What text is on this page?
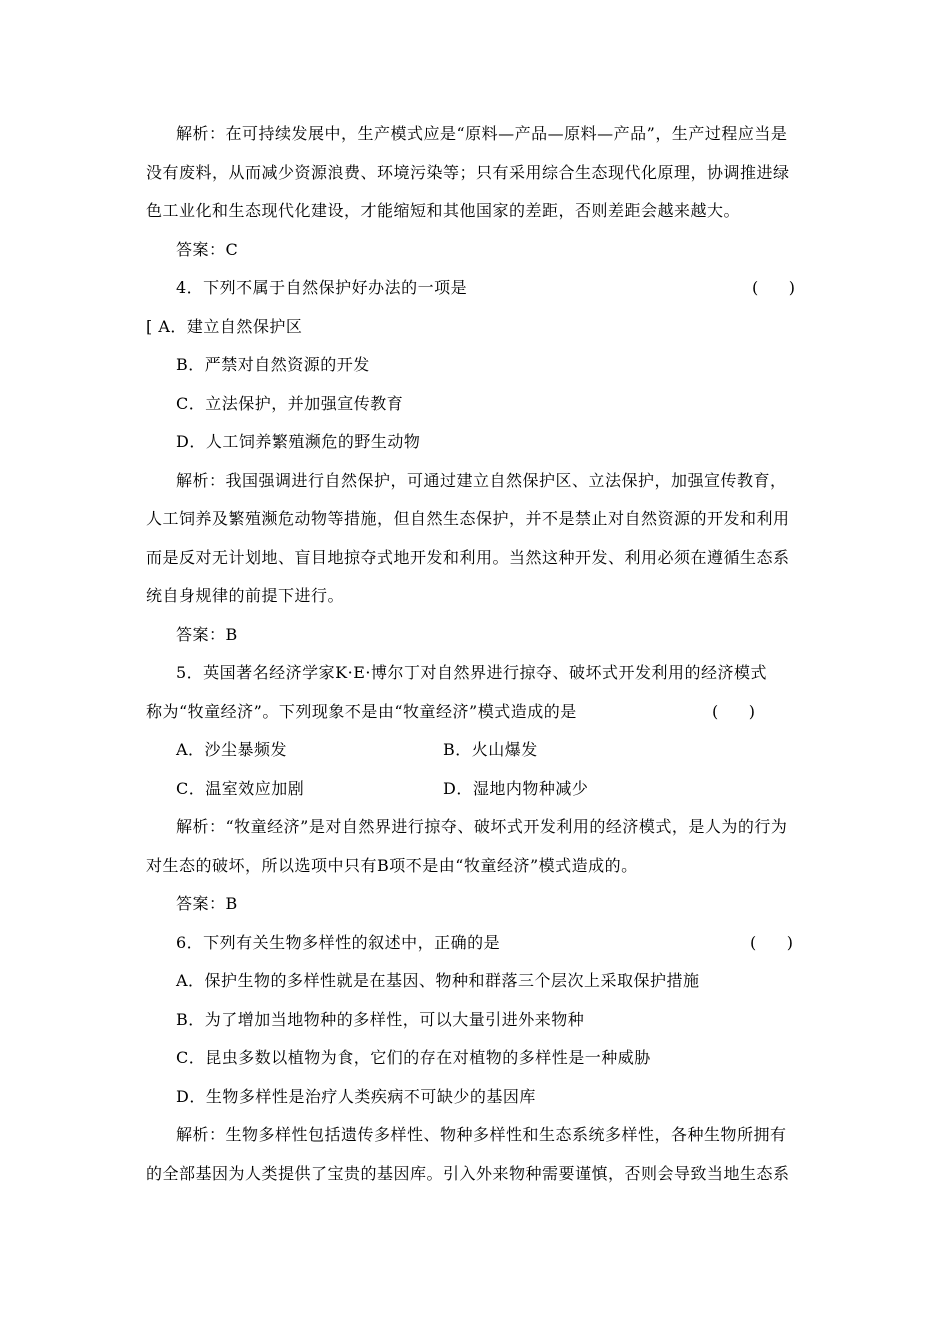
解析：在可持续发展中，生产模式应是“原料—产品—原料—产品”，生产过程应当是
没有废料，从而减少资源浪费、环境污染等；只有采用综合生态现代化原理，协调推进绿
色工业化和生态现代化建设，才能缩短和其他国家的差距，否则差距会越来越大。
答案：C
4．下列不属于自然保护好办法的一项是	(      )
[ A．建立自然保护区
B．严禁对自然资源的开发
C．立法保护，并加强宣传教育
D．人工饲养繁殖濒危的野生动物
解析：我国强调进行自然保护，可通过建立自然保护区、立法保护，加强宣传教育，
人工饲养及繁殖濒危动物等措施，但自然生态保护，并不是禁止对自然资源的开发和利用
而是反对无计划地、盲目地掠夺式地开发和利用。当然这种开发、利用必须在遵循生态系
统自身规律的前提下进行。
答案：B
5．英国著名经济学家K·E·博尔丁对自然界进行掠夺、破坏式开发利用的经济模式
称为“牧童经济”。下列现象不是由“牧童经济”模式造成的是	(      )
A．沙尘暴频发	B．火山爆发
C．温室效应加剧	D．湿地内物种减少
解析：“牧童经济”是对自然界进行掠夺、破坏式开发利用的经济模式，是人为的行为
对生态的破坏，所以选项中只有B项不是由“牧童经济”模式造成的。
答案：B
6．下列有关生物多样性的叙述中，正确的是	(      )
A．保护生物的多样性就是在基因、物种和群落三个层次上采取保护措施
B．为了增加当地物种的多样性，可以大量引进外来物种
C．昆虫多数以植物为食，它们的存在对植物的多样性是一种威胁
D．生物多样性是治疗人类疾病不可缺少的基因库
解析：生物多样性包括遗传多样性、物种多样性和生态系统多样性，各种生物所拥有
的全部基因为人类提供了宝贵的基因库。引入外来物种需要谨慎，否则会导致当地生态系
